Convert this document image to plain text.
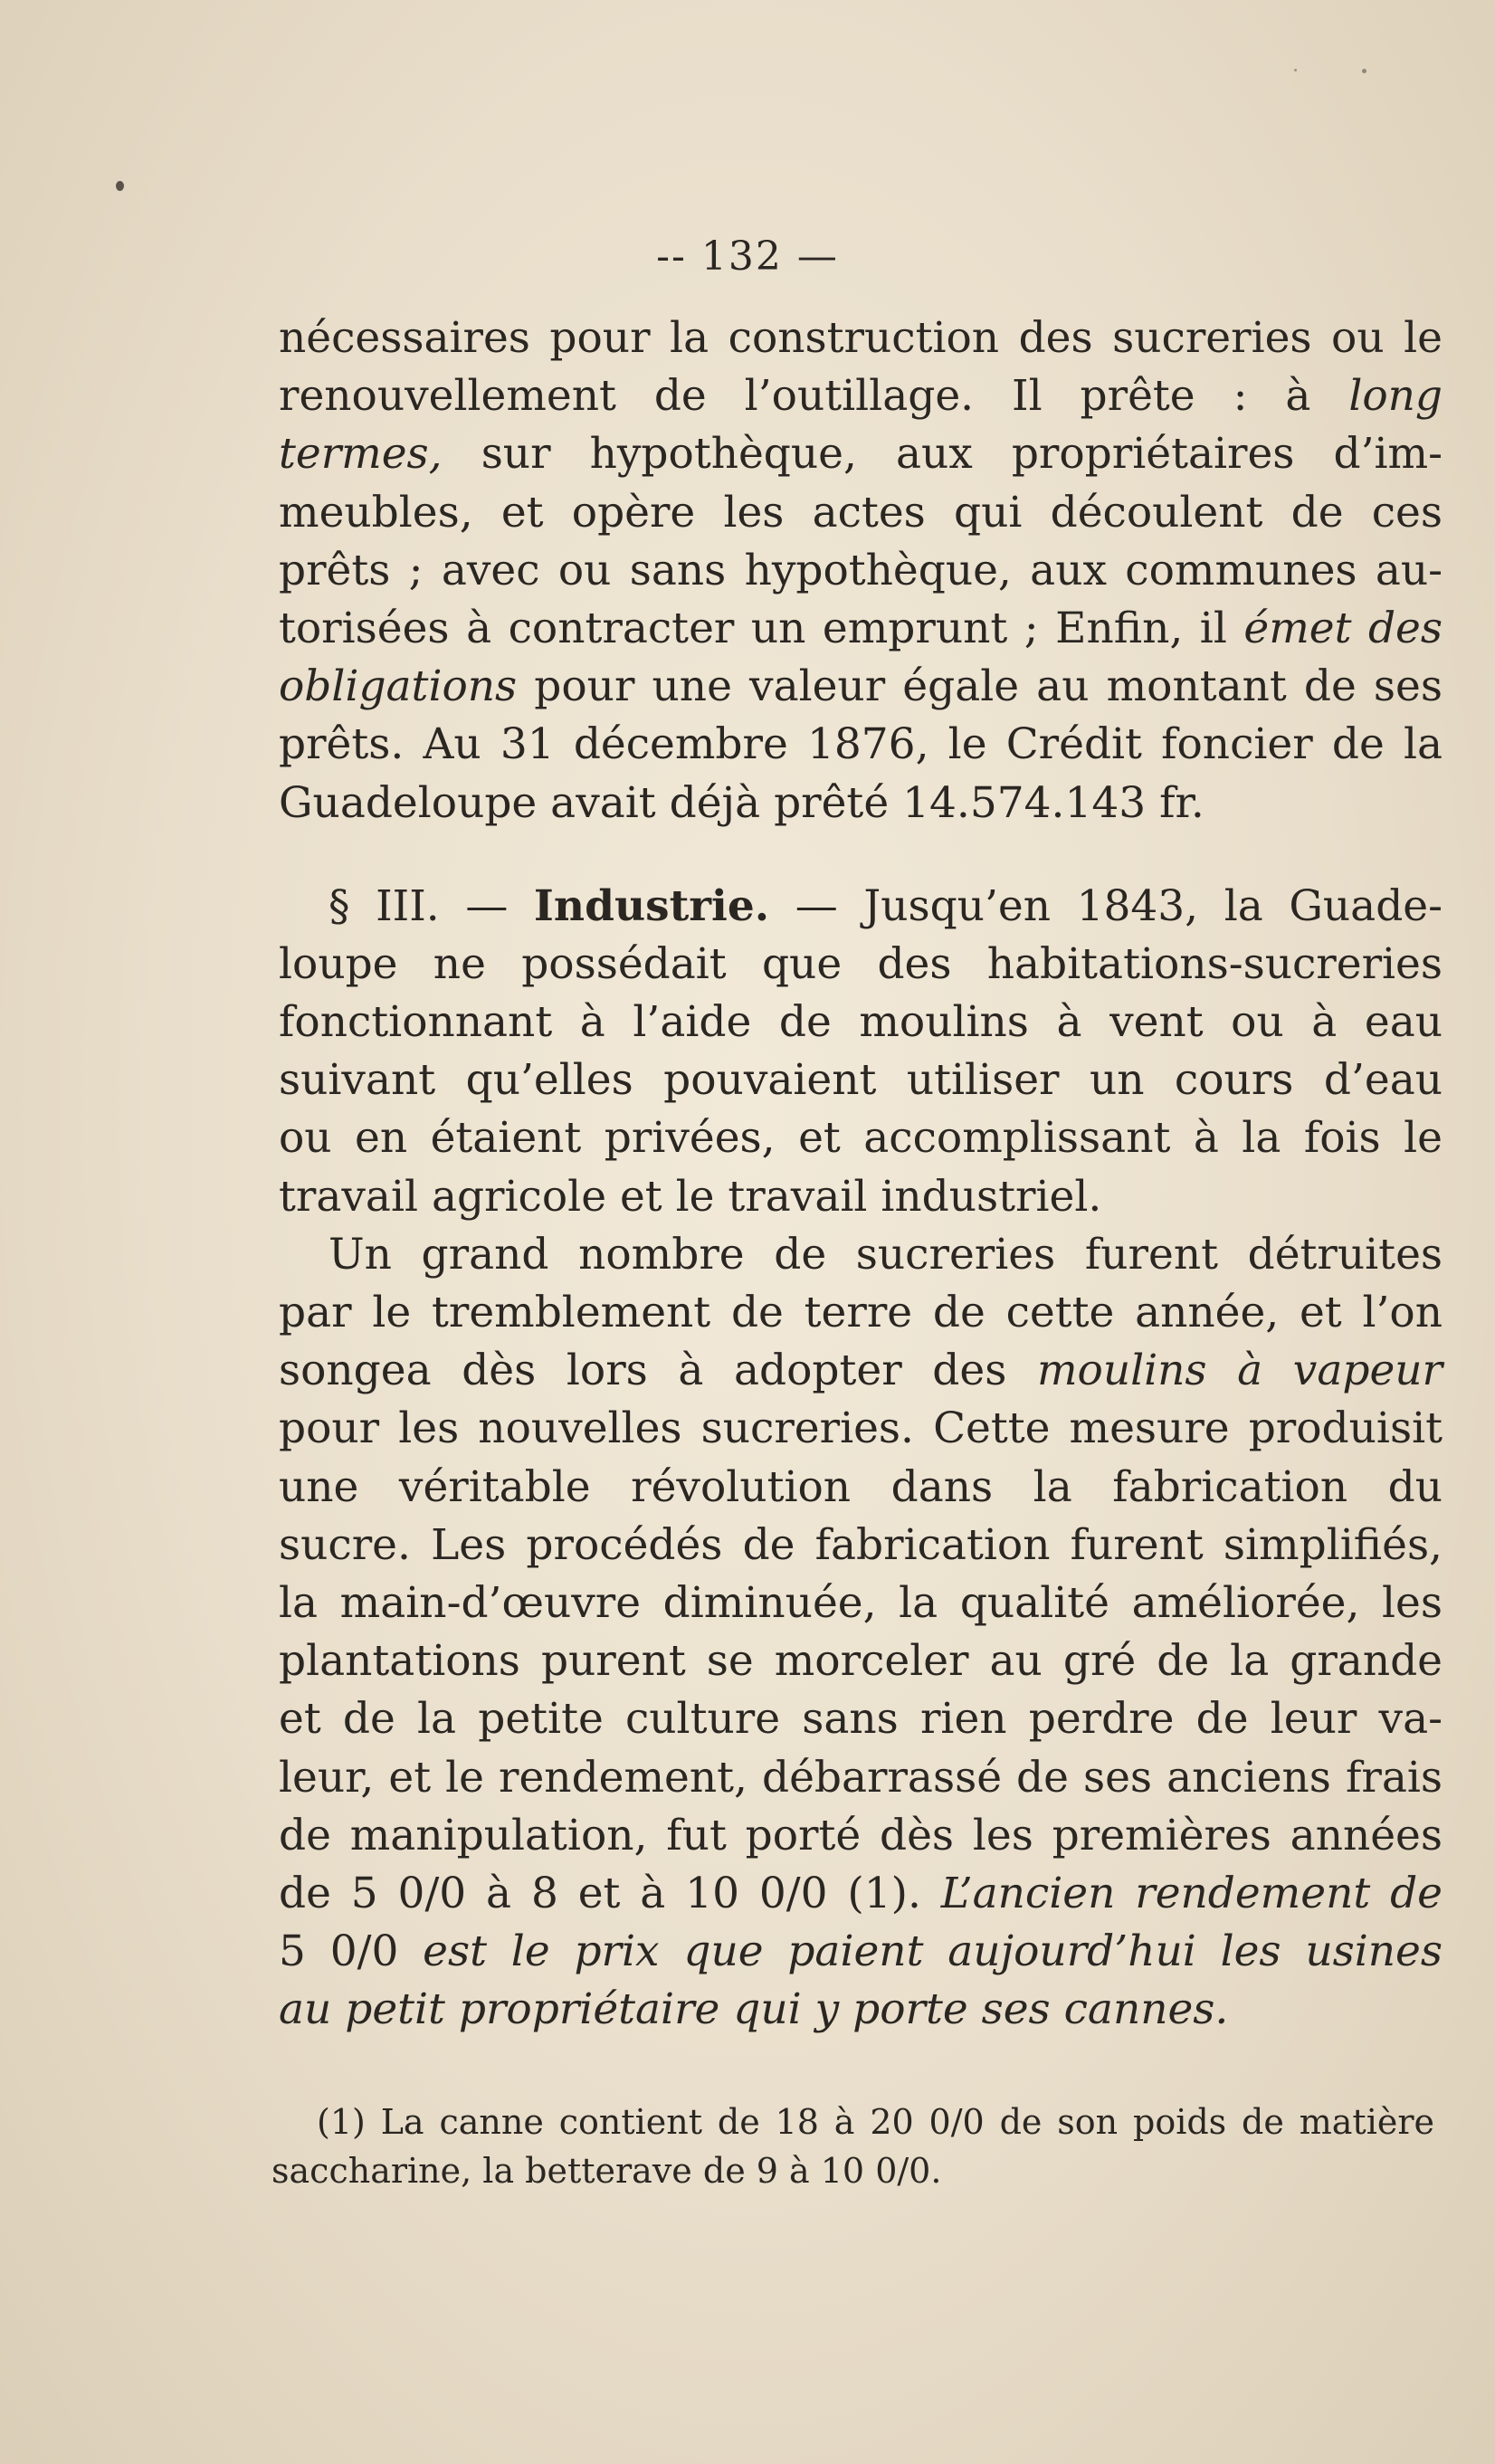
-- 132 —
nécessaires pour la construction des sucreries ou le
renouvellement de l’outillage. Il prête : à long
termes, sur hypothèque, aux propriétaires d’im-
meubles, et opère les actes qui découlent de ces
prêts ; avec ou sans hypothèque, aux communes au-
torisées à contracter un emprunt ; Enfin, il émet des
obligations pour une valeur égale au montant de ses
prêts. Au 31 décembre 1876, le Crédit foncier de la
Guadeloupe avait déjà prêté 14.574.143 fr.
§ III. — Industrie. — Jusqu’en 1843, la Guade-
loupe ne possédait que des habitations-sucreries
fonctionnant à l’aide de moulins à vent ou à eau
suivant qu’elles pouvaient utiliser un cours d’eau
ou en étaient privées, et accomplissant à la fois le
travail agricole et le travail industriel.
Un grand nombre de sucreries furent détruites
par le tremblement de terre de cette année, et l’on
songea dès lors à adopter des moulins à vapeur
pour les nouvelles sucreries. Cette mesure produisit
une véritable révolution dans la fabrication du
sucre. Les procédés de fabrication furent simplifiés,
la main-d’œuvre diminuée, la qualité améliorée, les
plantations purent se morceler au gré de la grande
et de la petite culture sans rien perdre de leur va-
leur, et le rendement, débarrassé de ses anciens frais
de manipulation, fut porté dès les premières années
de 5 0/0 à 8 et à 10 0/0 (1). L’ancien rendement de
5 0/0 est le prix que paient aujourd’hui les usines
au petit propriétaire qui y porte ses cannes.
(1) La canne contient de 18 à 20 0/0 de son poids de matière
saccharine, la betterave de 9 à 10 0/0.
